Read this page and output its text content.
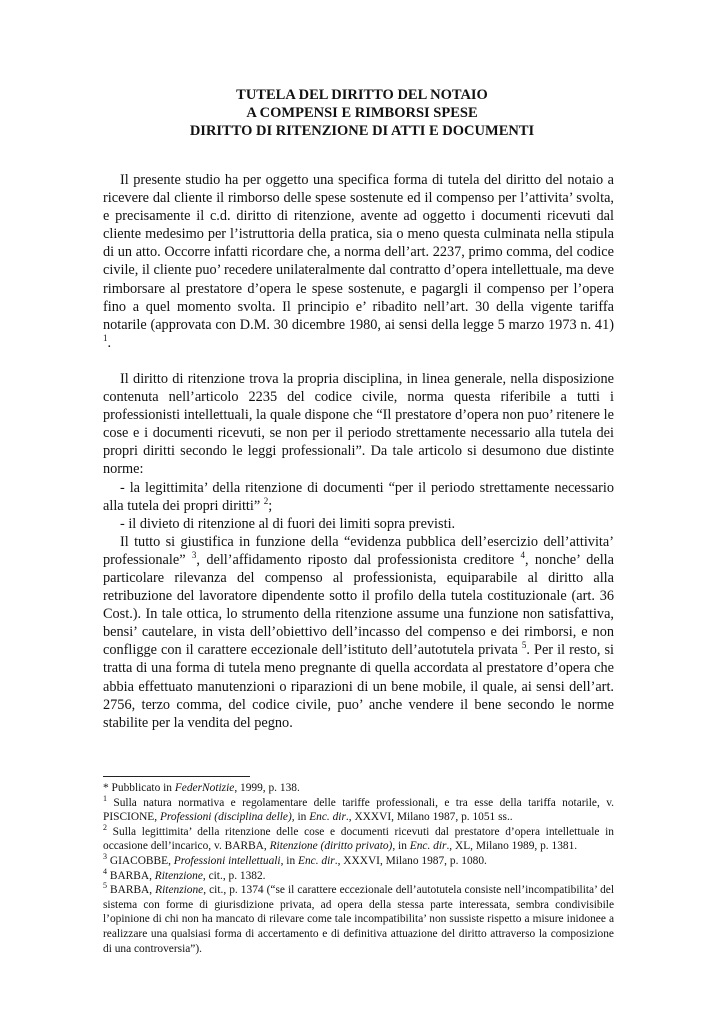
TUTELA DEL DIRITTO DEL NOTAIO
A COMPENSI E RIMBORSI SPESE
DIRITTO DI RITENZIONE DI ATTI E DOCUMENTI

Il presente studio ha per oggetto una specifica forma di tutela del diritto del notaio a ricevere dal cliente il rimborso delle spese sostenute ed il compenso per l’attivita’ svolta, e precisamente il c.d. diritto di ritenzione, avente ad oggetto i documenti ricevuti dal cliente medesimo per l’istruttoria della pratica, sia o meno questa culminata nella stipula di un atto. Occorre infatti ricordare che, a norma dell’art. 2237, primo comma, del codice civile, il cliente puo’ recedere unilateralmente dal contratto d’opera intellettuale, ma deve rimborsare al prestatore d’opera le spese sostenute, e pagargli il compenso per l’opera fino a quel momento svolta. Il principio e’ ribadito nell’art. 30 della vigente tariffa notarile (approvata con D.M. 30 dicembre 1980, ai sensi della legge 5 marzo 1973 n. 41) $^1$.

Il diritto di ritenzione trova la propria disciplina, in linea generale, nella disposizione contenuta nell’articolo 2235 del codice civile, norma questa riferibile a tutti i professionisti intellettuali, la quale dispone che “Il prestatore d’opera non puo’ ritenere le cose e i documenti ricevuti, se non per il periodo strettamente necessario alla tutela dei propri diritti secondo le leggi professionali”. Da tale articolo si desumono due distinte norme:

- la legittimita’ della ritenzione di documenti “per il periodo strettamente necessario alla tutela dei propri diritti” $^2$;

- il divieto di ritenzione al di fuori dei limiti sopra previsti.

Il tutto si giustifica in funzione della “evidenza pubblica dell’esercizio dell’attivita’ professionale” $^3$, dell’affidamento riposto dal professionista creditore $^4$, nonche’ della particolare rilevanza del compenso al professionista, equiparabile al diritto alla retribuzione del lavoratore dipendente sotto il profilo della tutela costituzionale (art. 36 Cost.). In tale ottica, lo strumento della ritenzione assume una funzione non satisfattiva, bensi’ cautelare, in vista dell’obiettivo dell’incasso del compenso e dei rimborsi, e non confligge con il carattere eccezionale dell’istituto dell’autotutela privata $^5$. Per il resto, si tratta di una forma di tutela meno pregnante di quella accordata al prestatore d’opera che abbia effettuato manutenzioni o riparazioni di un bene mobile, il quale, ai sensi dell’art. 2756, terzo comma, del codice civile, puo’ anche vendere il bene secondo le norme stabilite per la vendita del pegno.

* Pubblicato in FederNotizie, 1999, p. 138.

$^1$ Sulla natura normativa e regolamentare delle tariffe professionali, e tra esse della tariffa notarile, v. PISCIONE, Professioni (disciplina delle), in Enc. dir., XXXVI, Milano 1987, p. 1051 ss..

$^2$ Sulla legittimita’ della ritenzione delle cose e documenti ricevuti dal prestatore d’opera intellettuale in occasione dell’incarico, v. BARBA, Ritenzione (diritto privato), in Enc. dir., XL, Milano 1989, p. 1381.

$^3$ GIACOBBE, Professioni intellettuali, in Enc. dir., XXXVI, Milano 1987, p. 1080.

$^4$ BARBA, Ritenzione, cit., p. 1382.

$^5$ BARBA, Ritenzione, cit., p. 1374 (“se il carattere eccezionale dell’autotutela consiste nell’incompatibilita’ del sistema con forme di giurisdizione privata, ad opera della stessa parte interessata, sembra condivisibile l’opinione di chi non ha mancato di rilevare come tale incompatibilita’ non sussiste rispetto a misure inidonee a realizzare una qualsiasi forma di accertamento e di definitiva attuazione del diritto attraverso la composizione di una controversia”).
